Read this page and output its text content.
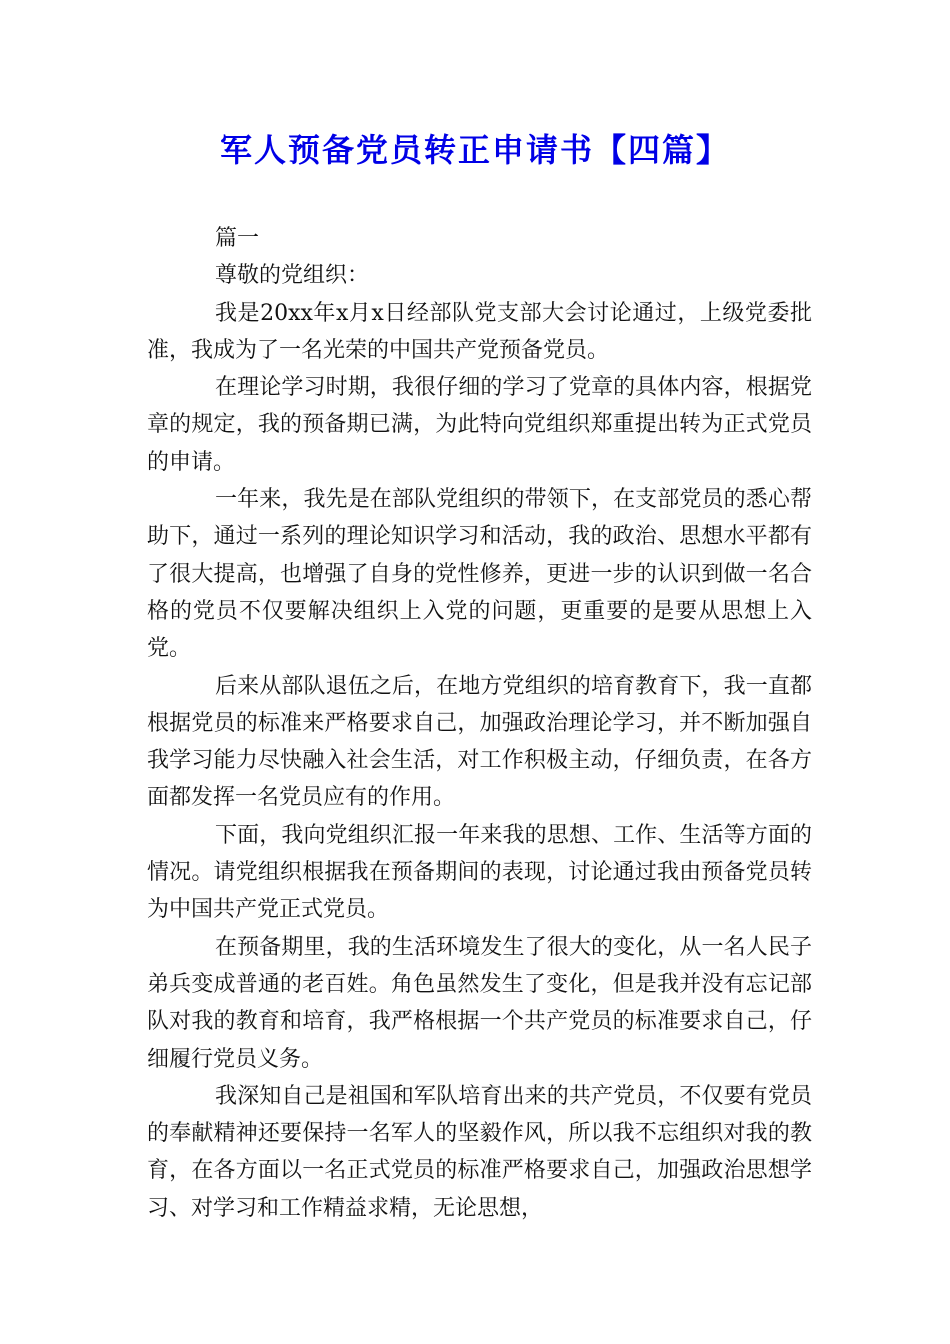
军人预备党员转正申请书【四篇】

篇一

尊敬的党组织：

我是20xx年x月x日经部队党支部大会讨论通过，上级党委批准，我成为了一名光荣的中国共产党预备党员。

在理论学习时期，我很仔细的学习了党章的具体内容，根据党章的规定，我的预备期已满，为此特向党组织郑重提出转为正式党员的申请。

一年来，我先是在部队党组织的带领下，在支部党员的悉心帮助下，通过一系列的理论知识学习和活动，我的政治、思想水平都有了很大提高，也增强了自身的党性修养，更进一步的认识到做一名合格的党员不仅要解决组织上入党的问题，更重要的是要从思想上入党。

后来从部队退伍之后，在地方党组织的培育教育下，我一直都根据党员的标准来严格要求自己，加强政治理论学习，并不断加强自我学习能力尽快融入社会生活，对工作积极主动，仔细负责，在各方面都发挥一名党员应有的作用。

下面，我向党组织汇报一年来我的思想、工作、生活等方面的情况。请党组织根据我在预备期间的表现，讨论通过我由预备党员转为中国共产党正式党员。

在预备期里，我的生活环境发生了很大的变化，从一名人民子弟兵变成普通的老百姓。角色虽然发生了变化，但是我并没有忘记部队对我的教育和培育，我严格根据一个共产党员的标准要求自己，仔细履行党员义务。

我深知自己是祖国和军队培育出来的共产党员，不仅要有党员的奉献精神还要保持一名军人的坚毅作风，所以我不忘组织对我的教育，在各方面以一名正式党员的标准严格要求自己，加强政治思想学习、对学习和工作精益求精，无论思想，
